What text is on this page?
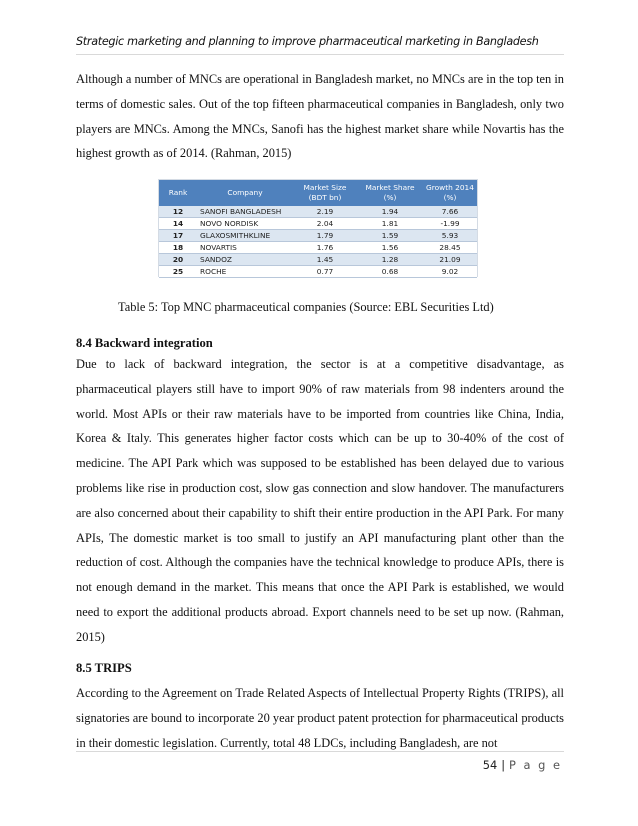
Strategic marketing and planning to improve pharmaceutical marketing in Bangladesh

Although a number of MNCs are operational in Bangladesh market, no MNCs are in the top ten in terms of domestic sales. Out of the top fifteen pharmaceutical companies in Bangladesh, only two players are MNCs. Among the MNCs, Sanofi has the highest market share while Novartis has the highest growth as of 2014. (Rahman, 2015)

Rank	Company	Market Size (BDT bn)	Market Share (%)	Growth 2014 (%)
12	SANOFI BANGLADESH	2.19	1.94	7.66
14	NOVO NORDISK	2.04	1.81	-1.99
17	GLAXOSMITHKLINE	1.79	1.59	5.93
18	NOVARTIS	1.76	1.56	28.45
20	SANDOZ	1.45	1.28	21.09
25	ROCHE	0.77	0.68	9.02
Table 5: Top MNC pharmaceutical companies (Source: EBL Securities Ltd)
8.4 Backward integration

Due to lack of backward integration, the sector is at a competitive disadvantage, as pharmaceutical players still have to import 90% of raw materials from 98 indenters around the world. Most APIs or their raw materials have to be imported from countries like China, India, Korea & Italy. This generates higher factor costs which can be up to 30-40% of the cost of medicine. The API Park which was supposed to be established has been delayed due to various problems like rise in production cost, slow gas connection and slow handover. The manufacturers are also concerned about their capability to shift their entire production in the API Park. For many APIs, The domestic market is too small to justify an API manufacturing plant other than the reduction of cost. Although the companies have the technical knowledge to produce APIs, there is not enough demand in the market. This means that once the API Park is established, we would need to export the additional products abroad. Export channels need to be set up now. (Rahman, 2015)

8.5 TRIPS

According to the Agreement on Trade Related Aspects of Intellectual Property Rights (TRIPS), all signatories are bound to incorporate 20 year product patent protection for pharmaceutical products in their domestic legislation. Currently, total 48 LDCs, including Bangladesh, are not

54 | P a g e
